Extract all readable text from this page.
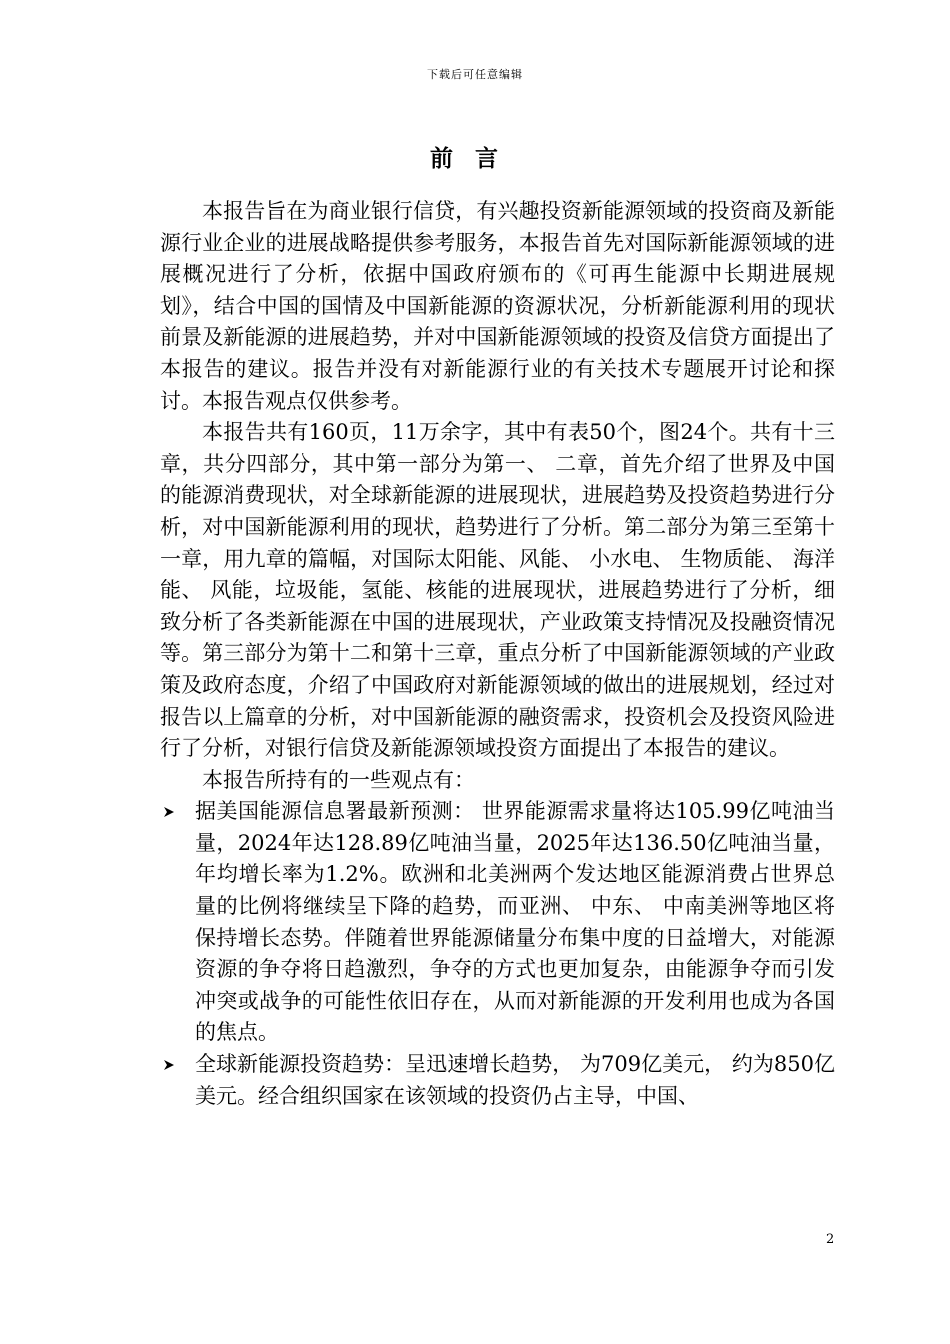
下载后可任意编辑
前言

本报告旨在为商业银行信贷，有兴趣投资新能源领域的投资商及新能源行业企业的进展战略提供参考服务，本报告首先对国际新能源领域的进展概况进行了分析，依据中国政府颁布的《可再生能源中长期进展规划》，结合中国的国情及中国新能源的资源状况，分析新能源利用的现状前景及新能源的进展趋势，并对中国新能源领域的投资及信贷方面提出了本报告的建议。报告并没有对新能源行业的有关技术专题展开讨论和探讨。本报告观点仅供参考。

本报告共有160页，11万余字，其中有表50个，图24个。共有十三章，共分四部分，其中第一部分为第一、 二章，首先介绍了世界及中国的能源消费现状，对全球新能源的进展现状，进展趋势及投资趋势进行分析，对中国新能源利用的现状，趋势进行了分析。第二部分为第三至第十一章，用九章的篇幅，对国际太阳能、风能、 小水电、 生物质能、 海洋能、 风能，垃圾能，氢能、核能的进展现状，进展趋势进行了分析，细致分析了各类新能源在中国的进展现状，产业政策支持情况及投融资情况等。第三部分为第十二和第十三章，重点分析了中国新能源领域的产业政策及政府态度，介绍了中国政府对新能源领域的做出的进展规划，经过对报告以上篇章的分析，对中国新能源的融资需求，投资机会及投资风险进行了分析，对银行信贷及新能源领域投资方面提出了本报告的建议。

本报告所持有的一些观点有：

据美国能源信息署最新预测： 世界能源需求量将达105.99亿吨油当量，2024年达128.89亿吨油当量，2025年达136.50亿吨油当量，年均增长率为1.2%。欧洲和北美洲两个发达地区能源消费占世界总量的比例将继续呈下降的趋势，而亚洲、 中东、 中南美洲等地区将保持增长态势。伴随着世界能源储量分布集中度的日益增大，对能源资源的争夺将日趋激烈，争夺的方式也更加复杂，由能源争夺而引发冲突或战争的可能性依旧存在，从而对新能源的开发利用也成为各国的焦点。
全球新能源投资趋势：呈迅速增长趋势， 为709亿美元， 约为850亿美元。经合组织国家在该领域的投资仍占主导，中国、
2
